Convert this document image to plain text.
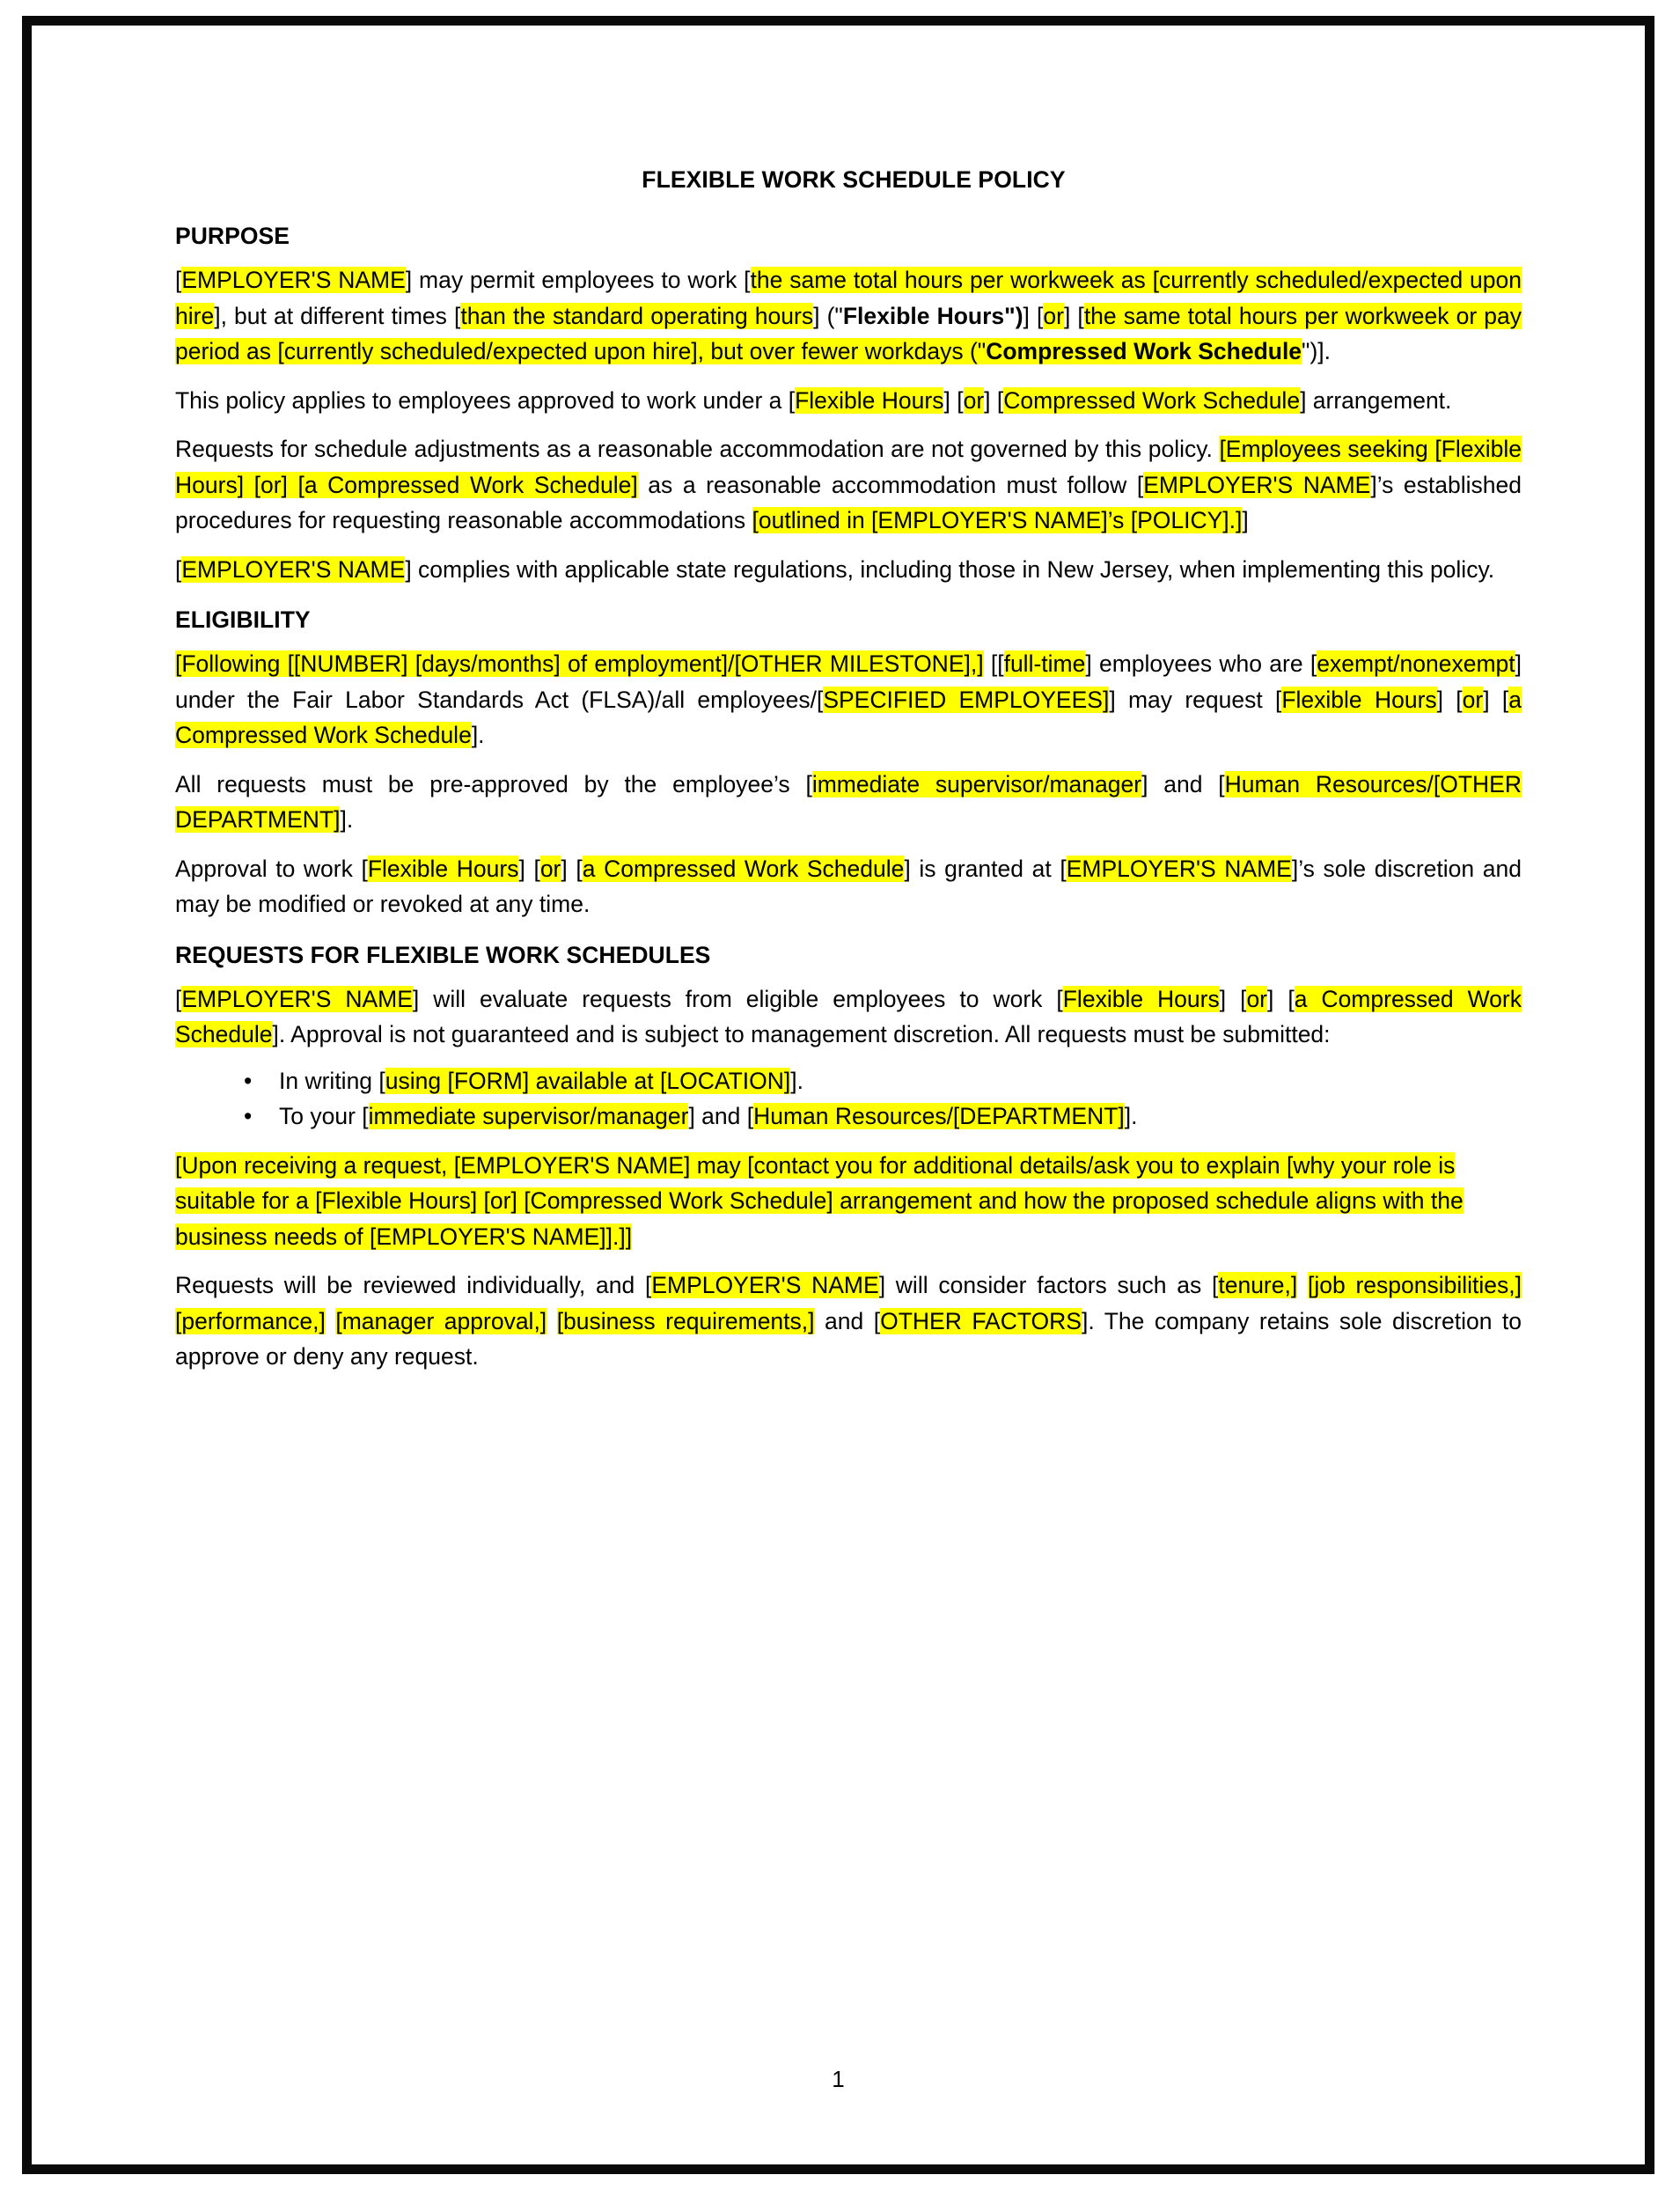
FLEXIBLE WORK SCHEDULE POLICY
PURPOSE

[EMPLOYER'S NAME] may permit employees to work [the same total hours per workweek as [currently scheduled/expected upon hire], but at different times [than the standard operating hours] ("Flexible Hours")] [or] [the same total hours per workweek or pay period as [currently scheduled/expected upon hire], but over fewer workdays ("Compressed Work Schedule")].

This policy applies to employees approved to work under a [Flexible Hours] [or] [Compressed Work Schedule] arrangement.

Requests for schedule adjustments as a reasonable accommodation are not governed by this policy. [Employees seeking [Flexible Hours] [or] [a Compressed Work Schedule] as a reasonable accommodation must follow [EMPLOYER'S NAME]’s established procedures for requesting reasonable accommodations [outlined in [EMPLOYER'S NAME]’s [POLICY].]]

[EMPLOYER'S NAME] complies with applicable state regulations, including those in New Jersey, when implementing this policy.

ELIGIBILITY

[Following [[NUMBER] [days/months] of employment]/[OTHER MILESTONE],] [[full-time] employees who are [exempt/nonexempt] under the Fair Labor Standards Act (FLSA)/all employees/[SPECIFIED EMPLOYEES]] may request [Flexible Hours] [or] [a Compressed Work Schedule].

All requests must be pre-approved by the employee’s [immediate supervisor/manager] and [Human Resources/[OTHER DEPARTMENT]].

Approval to work [Flexible Hours] [or] [a Compressed Work Schedule] is granted at [EMPLOYER'S NAME]’s sole discretion and may be modified or revoked at any time.

REQUESTS FOR FLEXIBLE WORK SCHEDULES

[EMPLOYER'S NAME] will evaluate requests from eligible employees to work [Flexible Hours] [or] [a Compressed Work Schedule]. Approval is not guaranteed and is subject to management discretion. All requests must be submitted:

• In writing [using [FORM] available at [LOCATION]].
• To your [immediate supervisor/manager] and [Human Resources/[DEPARTMENT]].

[Upon receiving a request, [EMPLOYER'S NAME] may [contact you for additional details/ask you to explain [why your role is suitable for a [Flexible Hours] [or] [Compressed Work Schedule] arrangement and how the proposed schedule aligns with the business needs of [EMPLOYER'S NAME]].]]

Requests will be reviewed individually, and [EMPLOYER'S NAME] will consider factors such as [tenure,] [job responsibilities,] [performance,] [manager approval,] [business requirements,] and [OTHER FACTORS]. The company retains sole discretion to approve or deny any request.

1
